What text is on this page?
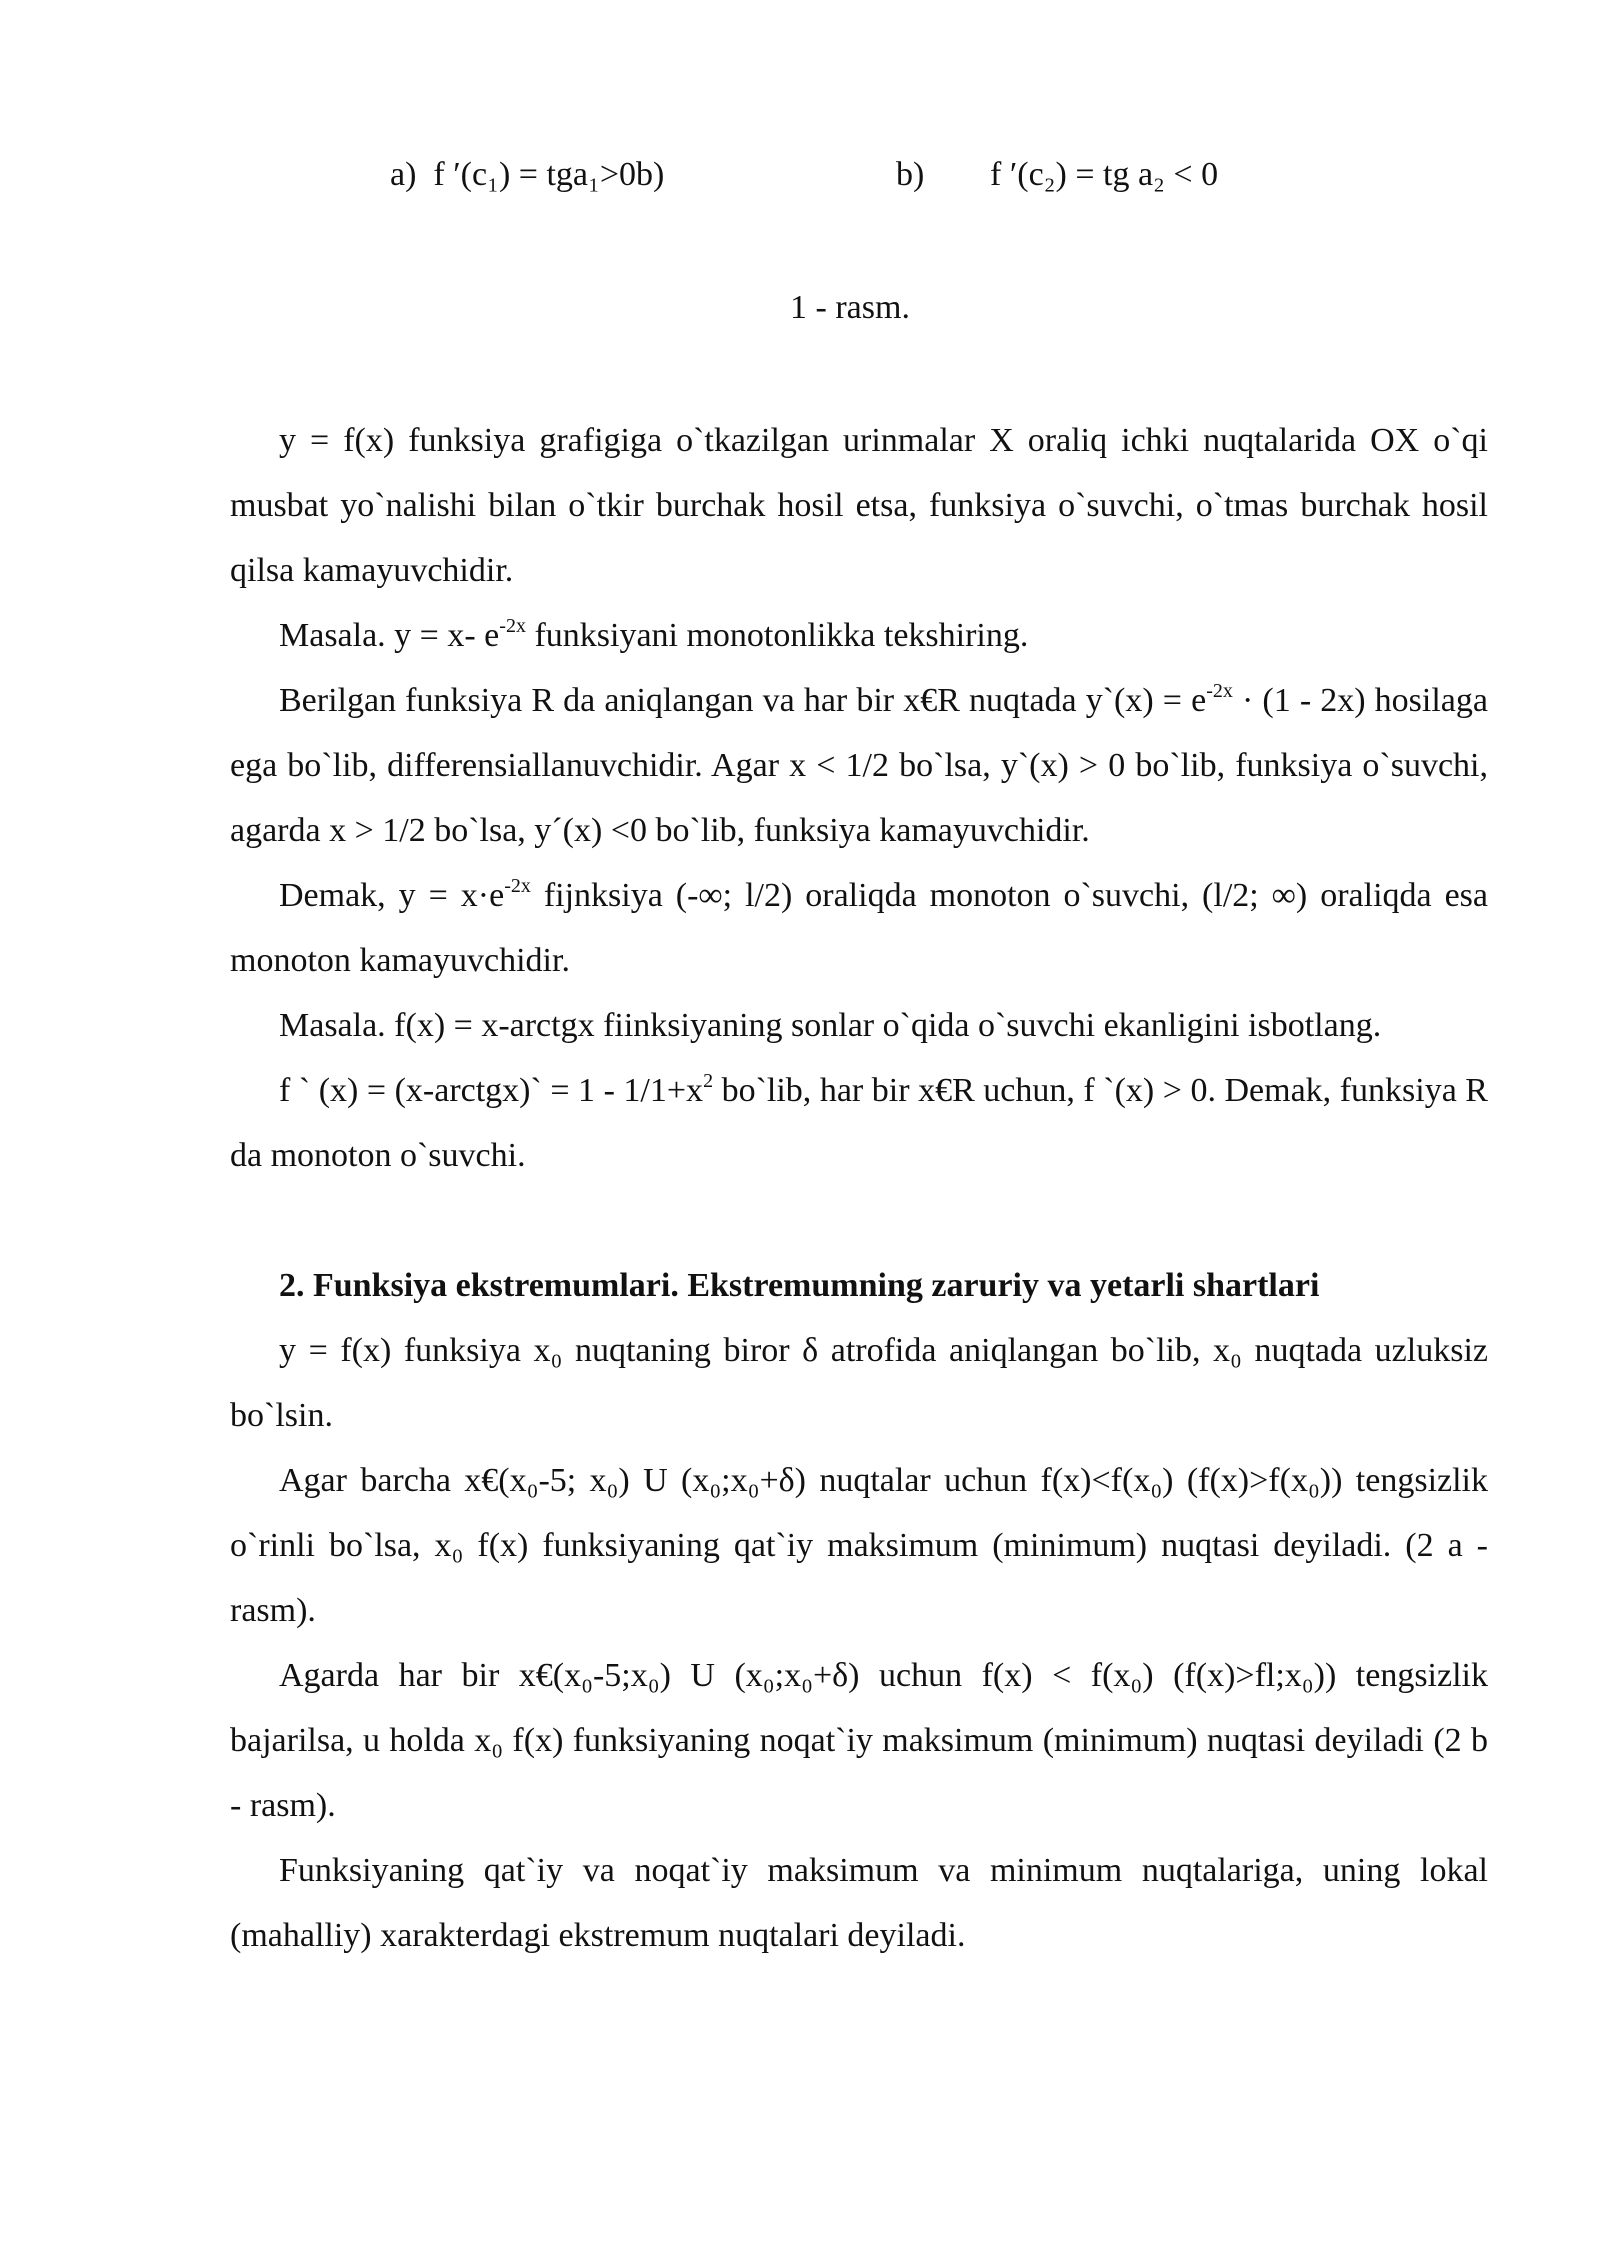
a) f ′(c₁) = tga₁>0b)	b) f ′(c₂) = tg a₂ < 0
1 - rasm.

y = f(x) funksiya grafigiga o`tkazilgan urinmalar X oraliq ichki nuqtalarida OX o`qi musbat yo`nalishi bilan o`tkir burchak hosil etsa, funksiya o`suvchi, o`tmas burchak hosil qilsa kamayuvchidir.

Masala. y = x- $e^{-2x}$ funksiyani monotonlikka tekshiring.

Berilgan funksiya R da aniqlangan va har bir x€R nuqtada y`(x) = $e^{-2x} \cdot (1 - 2x)$ hosilaga ega bo`lib, differensiallanuvchidir. Agar x < 1/2 bo`lsa, y`(x) > 0 bo`lib, funksiya o`suvchi, agarda x > 1/2 bo`lsa, y´(x) <0 bo`lib, funksiya kamayuvchidir.

Demak, $y = x\cdot e^{-2x}$ fijnksiya (-∞; l/2) oraliqda monoton o`suvchi, (l/2; ∞) oraliqda esa monoton kamayuvchidir.

Masala. f(x) = x-arctgx fiinksiyaning sonlar o`qida o`suvchi ekanligini isbotlang.

f ` (x) = (x-arctgx)` = $1 - 1/1+x^2$ bo`lib, har bir x€R uchun, f `(x) > 0. Demak, funksiya R da monoton o`suvchi.

2. Funksiya ekstremumlari. Ekstremumning zaruriy va yetarli shartlari

y = f(x) funksiya x₀ nuqtaning biror δ atrofida aniqlangan bo`lib, x₀ nuqtada uzluksiz bo`lsin.

Agar barcha x€(x₀-5; x₀) U (x₀;x₀+δ) nuqtalar uchun f(x)<f(x₀) (f(x)>f(x₀)) tengsizlik o`rinli bo`lsa, x₀ f(x) funksiyaning qat`iy maksimum (minimum) nuqtasi deyiladi. (2 a - rasm).

Agarda har bir x€(x₀-5;x₀) U (x₀;x₀+δ) uchun f(x) < f(x₀) (f(x)>fl;x₀)) tengsizlik bajarilsa, u holda x₀ f(x) funksiyaning noqat`iy maksimum (minimum) nuqtasi deyiladi (2 b - rasm).

Funksiyaning qat`iy va noqat`iy maksimum va minimum nuqtalariga, uning lokal (mahalliy) xarakterdagi ekstremum nuqtalari deyiladi.
